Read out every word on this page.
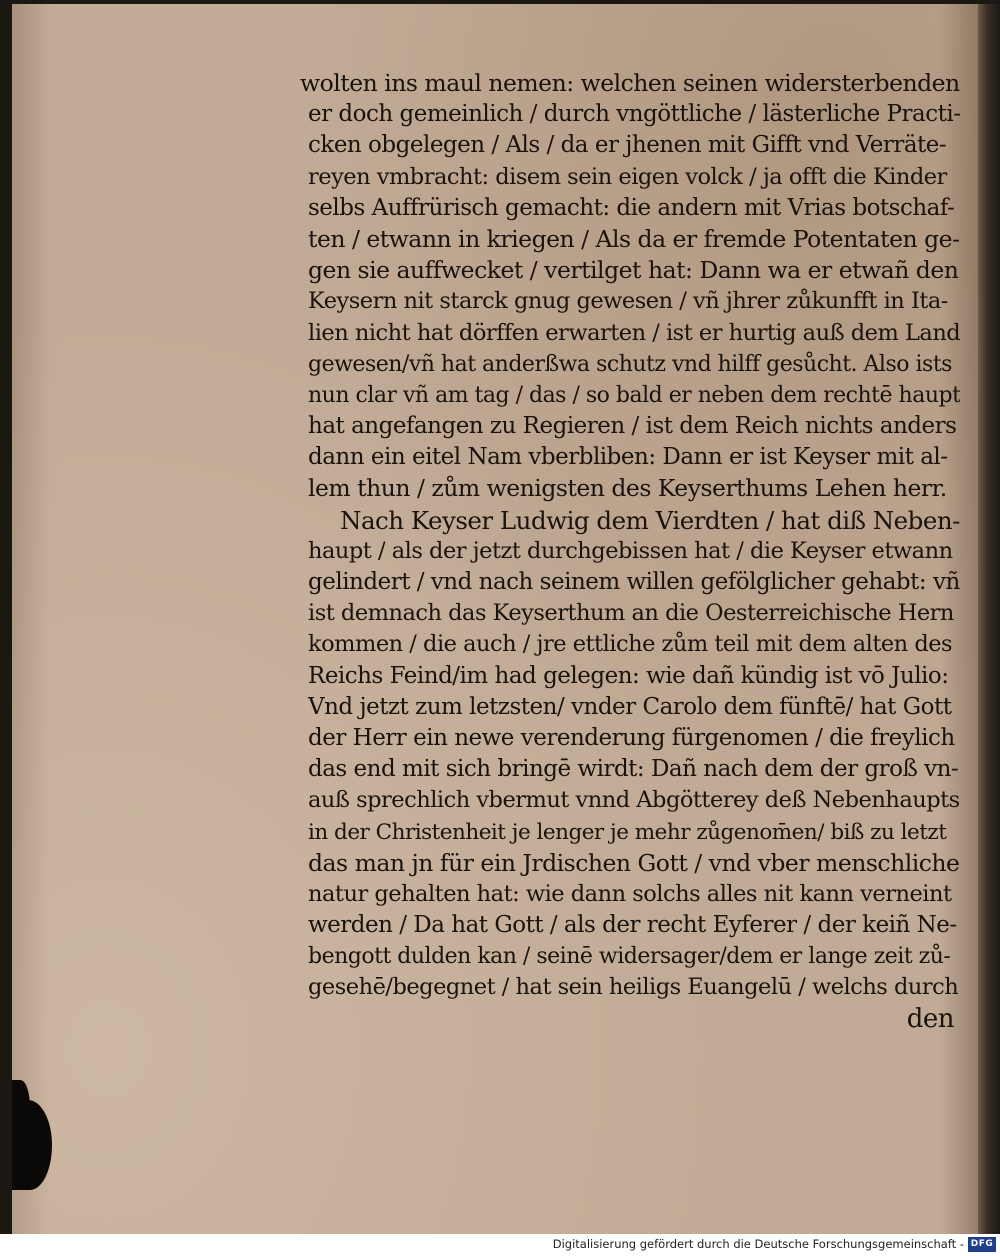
wolten ins maul nemen: welchen seinen widersterbenden
er doch gemeinlich / durch vngöttliche / lästerliche Practi-
cken obgelegen / Als / da er jhenen mit Gifft vnd Verräte-
reyen vmbracht: disem sein eigen volck / ja offt die Kinder
selbs Auffrürisch gemacht: die andern mit Vrias botschaf-
ten / etwann in kriegen / Als da er fremde Potentaten ge-
gen sie auffwecket / vertilget hat: Dann wa er etwañ den
Keysern nit starck gnug gewesen / vñ jhrer zůkunfft in Ita-
lien nicht hat dörffen erwarten / ist er hurtig auß dem Land
gewesen/vñ hat anderßwa schutz vnd hilff gesůcht. Also ists
nun clar vñ am tag / das / so bald er neben dem rechtē haupt
hat angefangen zu Regieren / ist dem Reich nichts anders
dann ein eitel Nam vberbliben: Dann er ist Keyser mit al-
lem thun / zům wenigsten des Keyserthums Lehen herr.
Nach Keyser Ludwig dem Vierdten / hat diß Neben-
haupt / als der jetzt durchgebissen hat / die Keyser etwann
gelindert / vnd nach seinem willen gefölglicher gehabt: vñ
ist demnach das Keyserthum an die Oesterreichische Hern
kommen / die auch / jre ettliche zům teil mit dem alten des
Reichs Feind/im had gelegen: wie dañ kündig ist vō Julio:
Vnd jetzt zum letzsten/ vnder Carolo dem fünftē/ hat Gott
der Herr ein newe verenderung fürgenomen / die freylich
das end mit sich bringē wirdt: Dañ nach dem der groß vn-
auß sprechlich vbermut vnnd Abgötterey deß Nebenhaupts
in der Christenheit je lenger je mehr zůgenom̄en/ biß zu letzt
das man jn für ein Jrdischen Gott / vnd vber menschliche
natur gehalten hat: wie dann solchs alles nit kann verneint
werden / Da hat Gott / als der recht Eyferer / der keiñ Ne-
bengott dulden kan / seinē widersager/dem er lange zeit zů-
gesehē/begegnet / hat sein heiligs Euangelū / welchs durch
den
Digitalisierung gefördert durch die Deutsche Forschungsgemeinschaft - DFG
